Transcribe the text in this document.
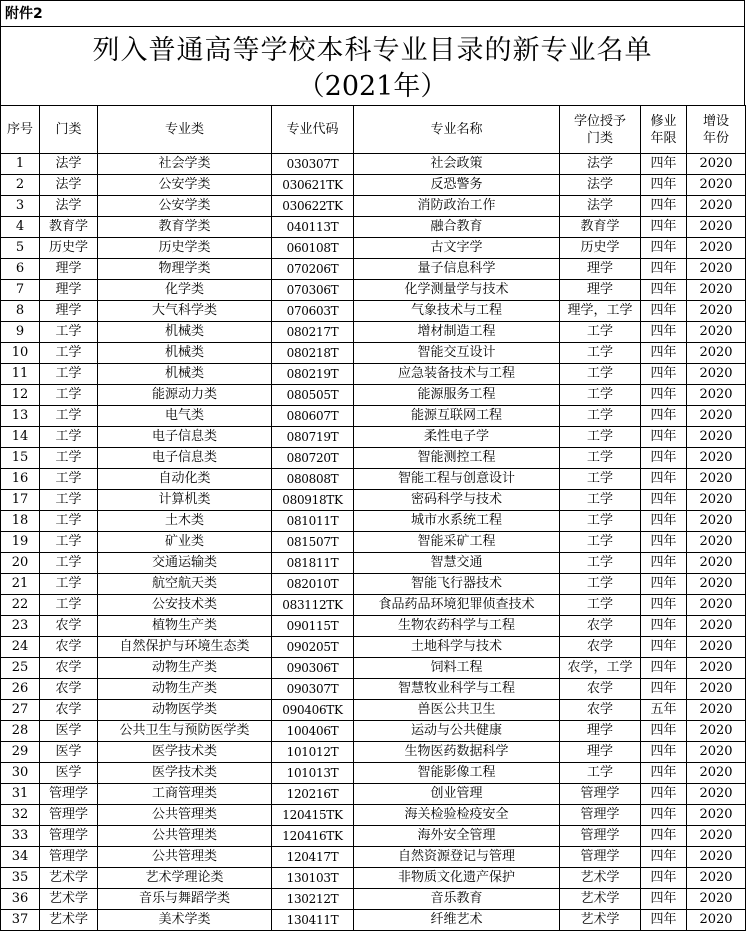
附件2
列入普通高等学校本科专业目录的新专业名单
（2021年）
序号	门类	专业类	专业代码	专业名称	学位授予门类	修业年限	增设年份
1	法学	社会学类	030307T	社会政策	法学	四年	2020
2	法学	公安学类	030621TK	反恐警务	法学	四年	2020
3	法学	公安学类	030622TK	消防政治工作	法学	四年	2020
4	教育学	教育学类	040113T	融合教育	教育学	四年	2020
5	历史学	历史学类	060108T	古文字学	历史学	四年	2020
6	理学	物理学类	070206T	量子信息科学	理学	四年	2020
7	理学	化学类	070306T	化学测量学与技术	理学	四年	2020
8	理学	大气科学类	070603T	气象技术与工程	理学，工学	四年	2020
9	工学	机械类	080217T	增材制造工程	工学	四年	2020
10	工学	机械类	080218T	智能交互设计	工学	四年	2020
11	工学	机械类	080219T	应急装备技术与工程	工学	四年	2020
12	工学	能源动力类	080505T	能源服务工程	工学	四年	2020
13	工学	电气类	080607T	能源互联网工程	工学	四年	2020
14	工学	电子信息类	080719T	柔性电子学	工学	四年	2020
15	工学	电子信息类	080720T	智能测控工程	工学	四年	2020
16	工学	自动化类	080808T	智能工程与创意设计	工学	四年	2020
17	工学	计算机类	080918TK	密码科学与技术	工学	四年	2020
18	工学	土木类	081011T	城市水系统工程	工学	四年	2020
19	工学	矿业类	081507T	智能采矿工程	工学	四年	2020
20	工学	交通运输类	081811T	智慧交通	工学	四年	2020
21	工学	航空航天类	082010T	智能飞行器技术	工学	四年	2020
22	工学	公安技术类	083112TK	食品药品环境犯罪侦查技术	工学	四年	2020
23	农学	植物生产类	090115T	生物农药科学与工程	农学	四年	2020
24	农学	自然保护与环境生态类	090205T	土地科学与技术	农学	四年	2020
25	农学	动物生产类	090306T	饲料工程	农学，工学	四年	2020
26	农学	动物生产类	090307T	智慧牧业科学与工程	农学	四年	2020
27	农学	动物医学类	090406TK	兽医公共卫生	农学	五年	2020
28	医学	公共卫生与预防医学类	100406T	运动与公共健康	理学	四年	2020
29	医学	医学技术类	101012T	生物医药数据科学	理学	四年	2020
30	医学	医学技术类	101013T	智能影像工程	工学	四年	2020
31	管理学	工商管理类	120216T	创业管理	管理学	四年	2020
32	管理学	公共管理类	120415TK	海关检验检疫安全	管理学	四年	2020
33	管理学	公共管理类	120416TK	海外安全管理	管理学	四年	2020
34	管理学	公共管理类	120417T	自然资源登记与管理	管理学	四年	2020
35	艺术学	艺术学理论类	130103T	非物质文化遗产保护	艺术学	四年	2020
36	艺术学	音乐与舞蹈学类	130212T	音乐教育	艺术学	四年	2020
37	艺术学	美术学类	130411T	纤维艺术	艺术学	四年	2020
